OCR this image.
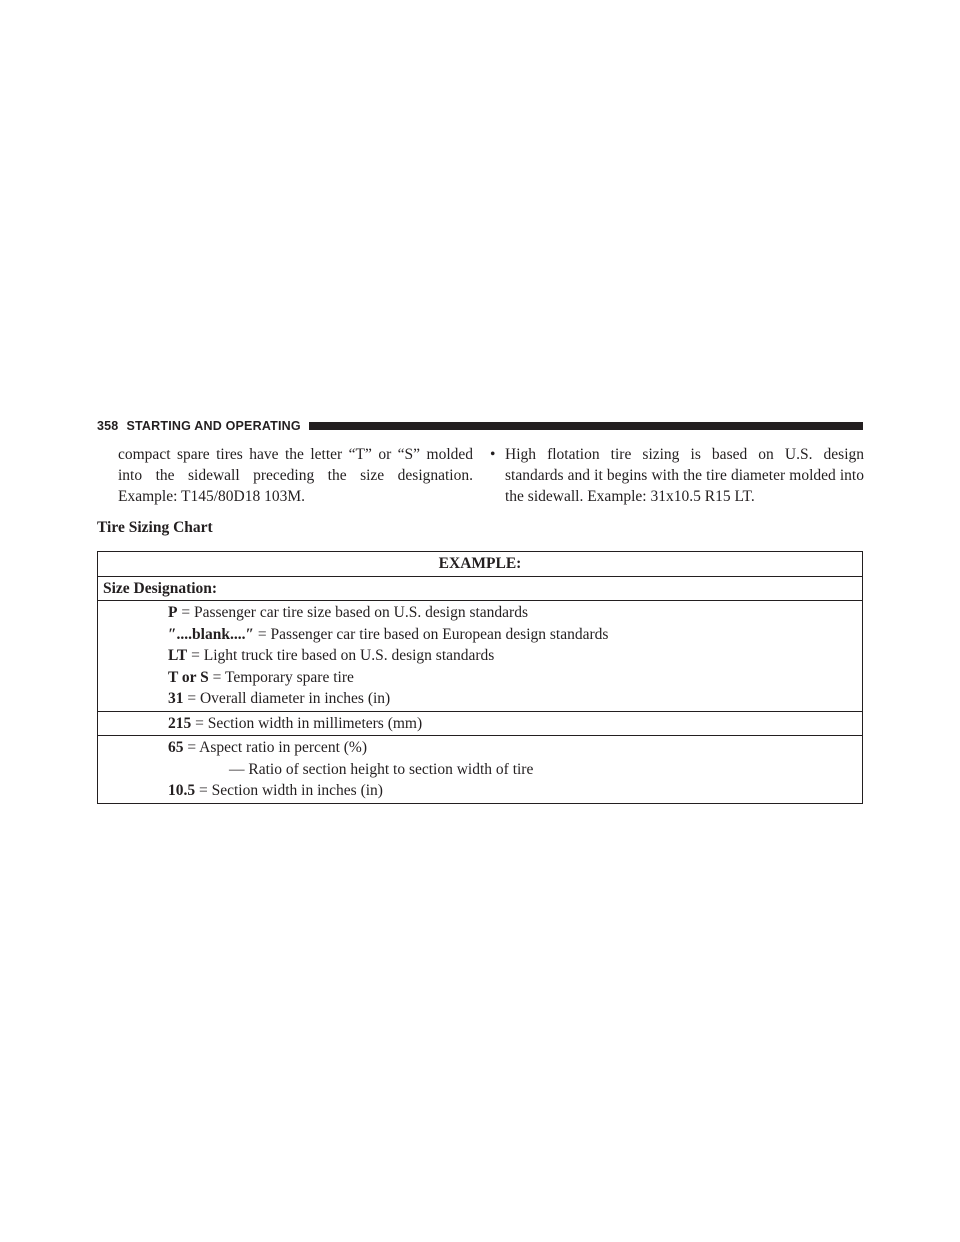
358 STARTING AND OPERATING
compact spare tires have the letter “T” or “S” molded into the sidewall preceding the size designation. Example: T145/80D18 103M.
• High flotation tire sizing is based on U.S. design standards and it begins with the tire diameter molded into the sidewall. Example: 31x10.5 R15 LT.
Tire Sizing Chart
EXAMPLE:
Size Designation:

P = Passenger car tire size based on U.S. design standards
″....blank....″ = Passenger car tire based on European design standards
LT = Light truck tire based on U.S. design standards
T or S = Temporary spare tire
31 = Overall diameter in inches (in)

215 = Section width in millimeters (mm)

65 = Aspect ratio in percent (%)
— Ratio of section height to section width of tire
10.5 = Section width in inches (in)
